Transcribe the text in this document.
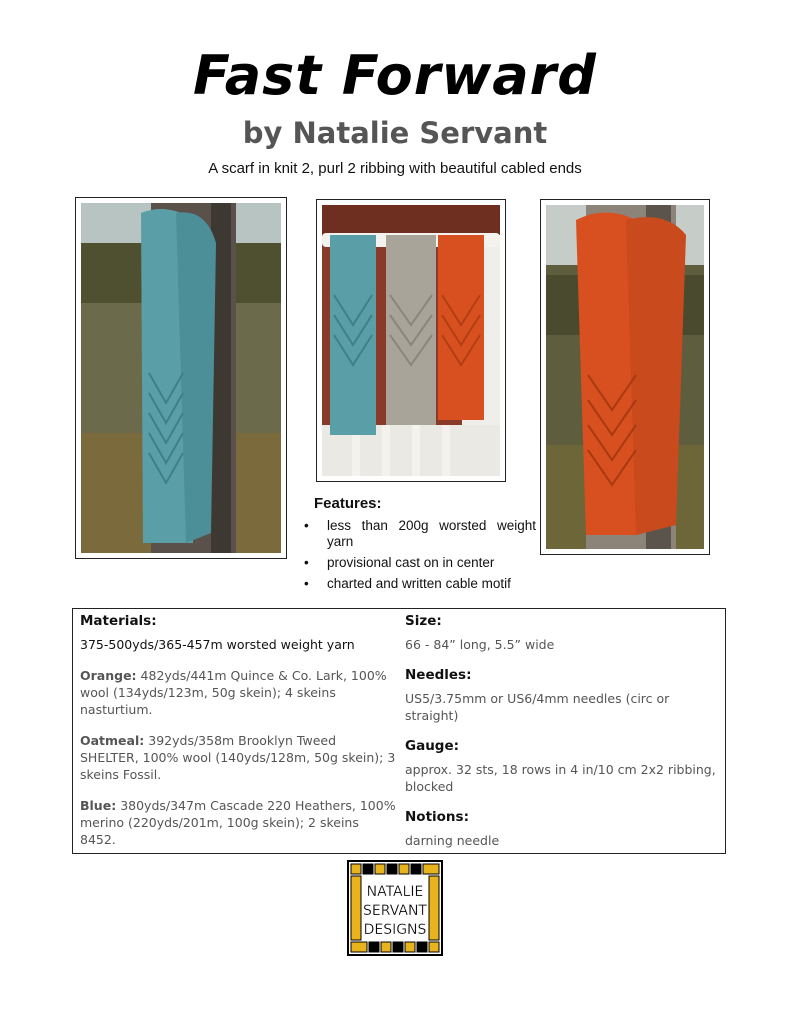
Fast Forward
by Natalie Servant
A scarf in knit 2, purl 2 ribbing with beautiful cabled ends
Features:
• less than 200g worsted weight yarn
• provisional cast on in center
• charted and written cable motif
Materials:
375-500yds/365-457m worsted weight yarn
Orange: 482yds/441m Quince & Co. Lark, 100% wool (134yds/123m, 50g skein); 4 skeins nasturtium.
Oatmeal: 392yds/358m Brooklyn Tweed SHELTER, 100% wool (140yds/128m, 50g skein); 3 skeins Fossil.
Blue: 380yds/347m Cascade 220 Heathers, 100% merino (220yds/201m, 100g skein); 2 skeins 8452.
Size:
66 - 84” long, 5.5” wide
Needles:
US5/3.75mm or US6/4mm needles (circ or straight)
Gauge:
approx. 32 sts, 18 rows in 4 in/10 cm 2x2 ribbing, blocked
Notions:
darning needle
NATALIE
SERVANT
DESIGNS
